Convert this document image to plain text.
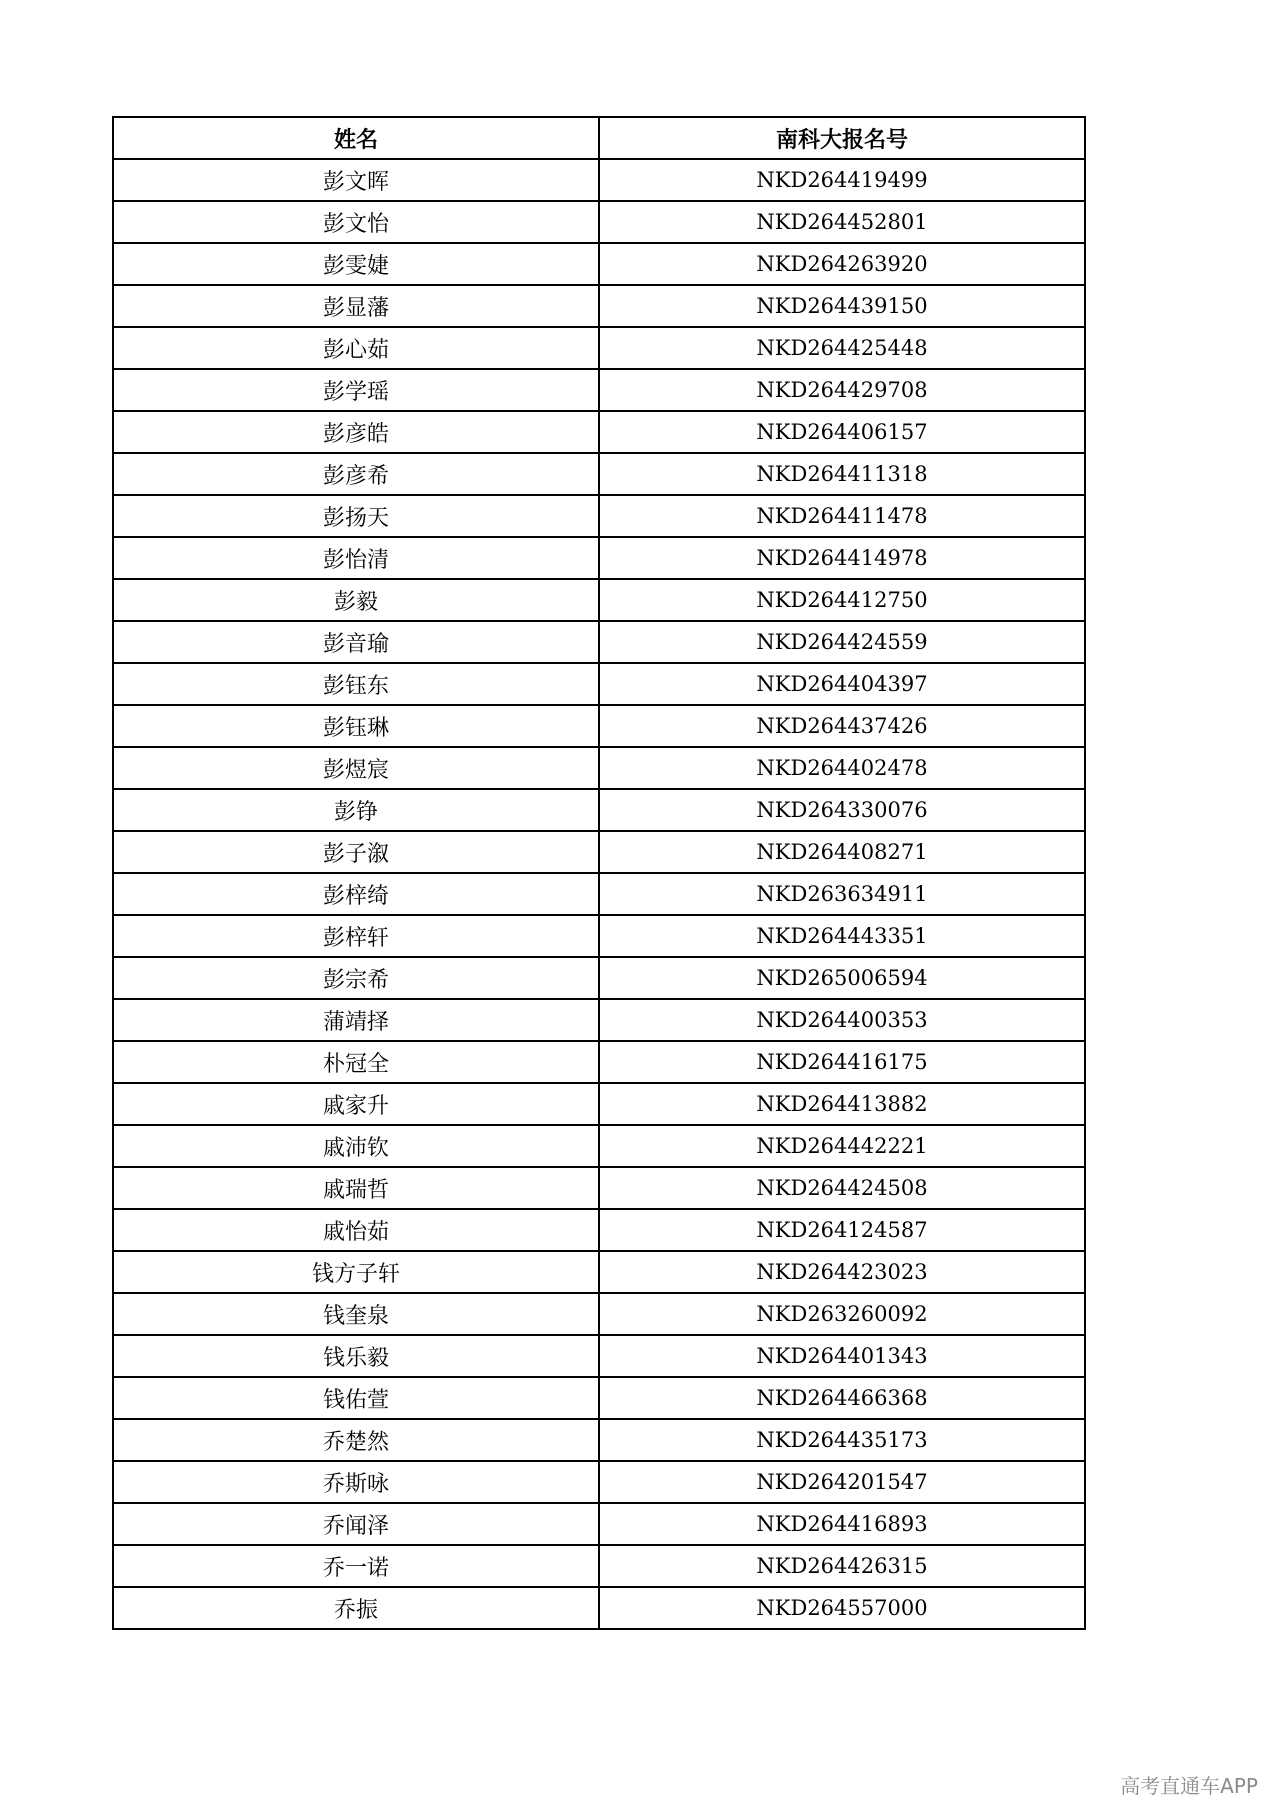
姓名	南科大报名号
彭文晖	NKD264419499
彭文怡	NKD264452801
彭雯婕	NKD264263920
彭显藩	NKD264439150
彭心茹	NKD264425448
彭学瑶	NKD264429708
彭彦皓	NKD264406157
彭彦希	NKD264411318
彭扬天	NKD264411478
彭怡清	NKD264414978
彭毅	NKD264412750
彭音瑜	NKD264424559
彭钰东	NKD264404397
彭钰琳	NKD264437426
彭煜宸	NKD264402478
彭铮	NKD264330076
彭子溆	NKD264408271
彭梓绮	NKD263634911
彭梓轩	NKD264443351
彭宗希	NKD265006594
蒲靖择	NKD264400353
朴冠全	NKD264416175
戚家升	NKD264413882
戚沛钦	NKD264442221
戚瑞哲	NKD264424508
戚怡茹	NKD264124587
钱方子轩	NKD264423023
钱奎泉	NKD263260092
钱乐毅	NKD264401343
钱佑萱	NKD264466368
乔楚然	NKD264435173
乔斯咏	NKD264201547
乔闻泽	NKD264416893
乔一诺	NKD264426315
乔振	NKD264557000
高考直通车APP
